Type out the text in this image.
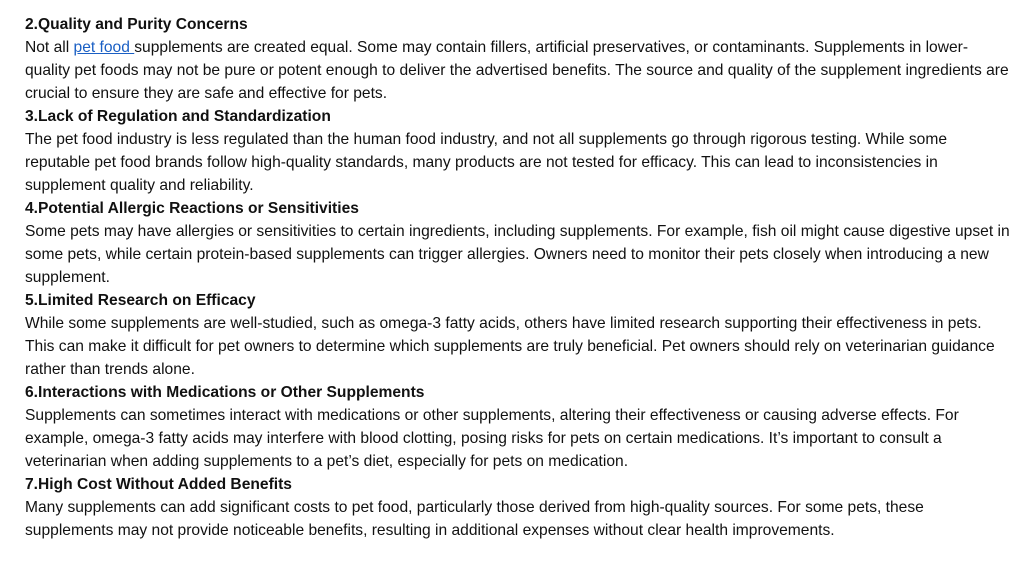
2.Quality and Purity Concerns

Not all pet food supplements are created equal. Some may contain fillers, artificial preservatives, or contaminants. Supplements in lower-quality pet foods may not be pure or potent enough to deliver the advertised benefits. The source and quality of the supplement ingredients are crucial to ensure they are safe and effective for pets.

3.Lack of Regulation and Standardization

The pet food industry is less regulated than the human food industry, and not all supplements go through rigorous testing. While some reputable pet food brands follow high-quality standards, many products are not tested for efficacy. This can lead to inconsistencies in supplement quality and reliability.

4.Potential Allergic Reactions or Sensitivities

Some pets may have allergies or sensitivities to certain ingredients, including supplements. For example, fish oil might cause digestive upset in some pets, while certain protein-based supplements can trigger allergies. Owners need to monitor their pets closely when introducing a new supplement.

5.Limited Research on Efficacy

While some supplements are well-studied, such as omega-3 fatty acids, others have limited research supporting their effectiveness in pets. This can make it difficult for pet owners to determine which supplements are truly beneficial. Pet owners should rely on veterinarian guidance rather than trends alone.

6.Interactions with Medications or Other Supplements

Supplements can sometimes interact with medications or other supplements, altering their effectiveness or causing adverse effects. For example, omega-3 fatty acids may interfere with blood clotting, posing risks for pets on certain medications. It’s important to consult a veterinarian when adding supplements to a pet’s diet, especially for pets on medication.

7.High Cost Without Added Benefits

Many supplements can add significant costs to pet food, particularly those derived from high-quality sources. For some pets, these supplements may not provide noticeable benefits, resulting in additional expenses without clear health improvements.
